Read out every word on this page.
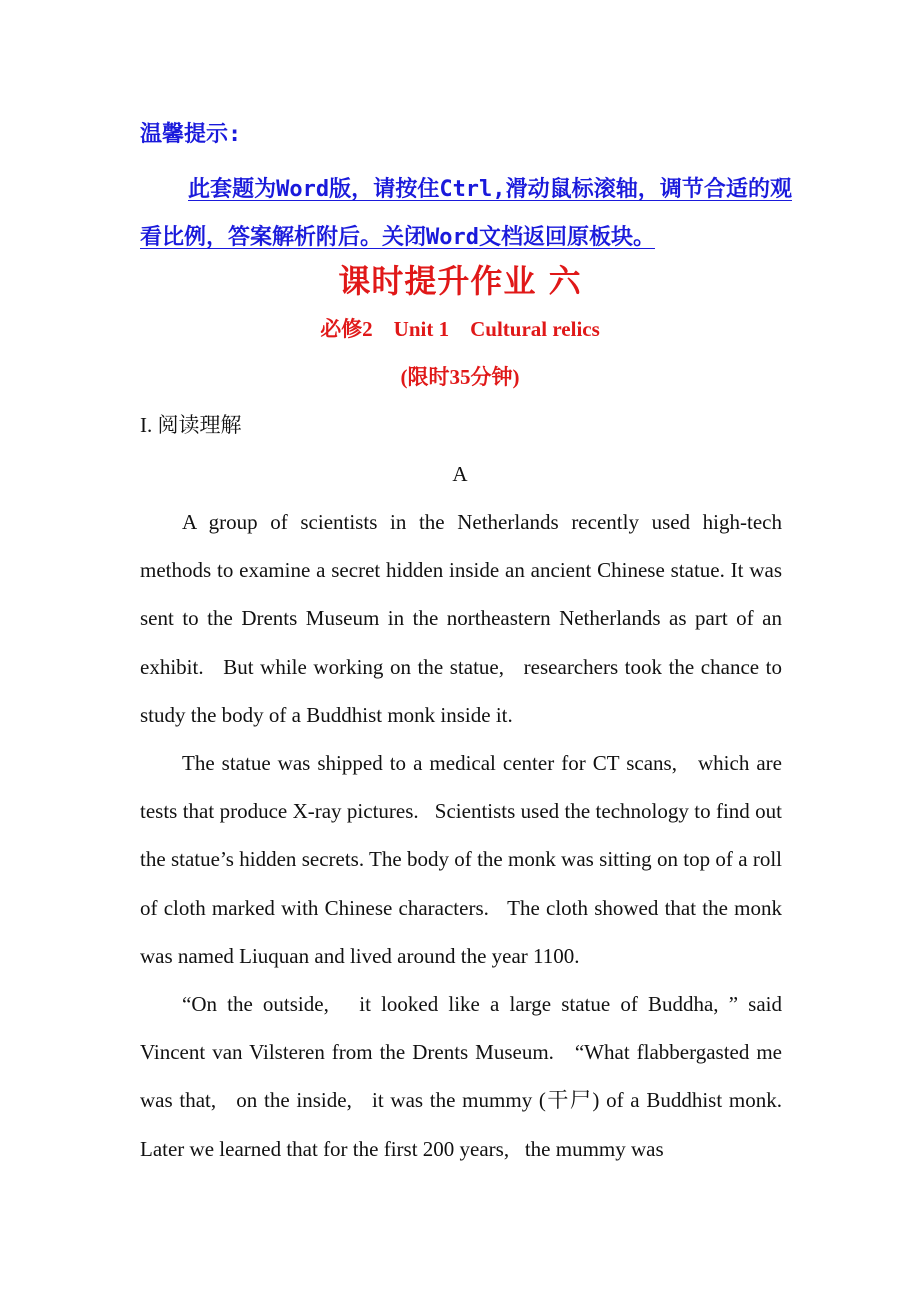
温馨提示:

此套题为Word版，请按住Ctrl,滑动鼠标滚轴，调节合适的观看比例，答案解析附后。关闭Word文档返回原板块。

课时提升作业 六
必修2    Unit 1    Cultural relics

(限时35分钟)

I. 阅读理解

A

A group of scientists in the Netherlands recently used high-tech methods to examine a secret hidden inside an ancient Chinese statue. It was sent to the Drents Museum in the northeastern Netherlands as part of an exhibit.   But while working on the statue,   researchers took the chance to study the body of a Buddhist monk inside it.

The statue was shipped to a medical center for CT scans,   which are tests that produce X-ray pictures.   Scientists used the technology to find out the statue’s hidden secrets. The body of the monk was sitting on top of a roll of cloth marked with Chinese characters.   The cloth showed that the monk was named Liuquan and lived around the year 1100.

“On the outside,   it looked like a large statue of Buddha, ” said Vincent van Vilsteren from the Drents Museum.   “What flabbergasted me was that,   on the inside,   it was the mummy (干尸) of a Buddhist monk.   Later we learned that for the first 200 years,   the mummy was
